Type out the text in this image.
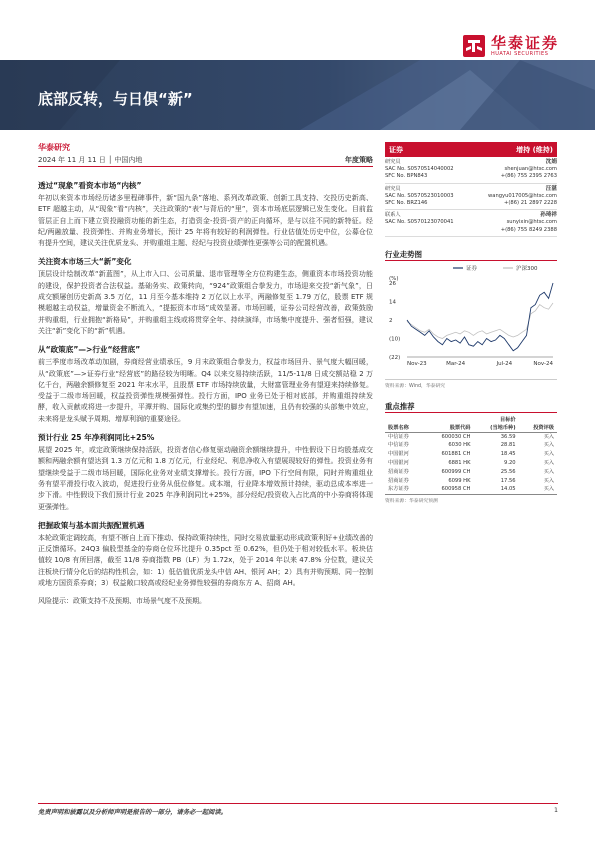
证券
华泰证券
HUATAI SECURITIES
底部反转，与日俱“新”
华泰研究
2024 年 11 月 11 日 │ 中国内地	年度策略
透过“现象”看资本市场“内核”
年初以来资本市场经历诸多里程碑事件，新“国九条”落地、系列改革政策、创新工具支持、交投历史新高、ETF 超越主动，从“现象”看“内核”，关注政策的“表”与背后的“里”，资本市场底层逻辑已发生变化。目前监管层正自上而下建立资投融资功能的新生态，打造资金-投资-资产的正向循环，是与以往不同的新特征。经纪/两融放量、投资弹性、并购业务增长，预计 25 年将有较好的利润弹性。行业估值处历史中位，公募仓位有提升空间，建议关注优质龙头、并购重组主题、经纪与投资业绩弹性更强等公司的配置机遇。
关注资本市场三大“新”变化
顶层设计绘制改革“新蓝图”，从上市入口、公司质量、退市管理等全方位构建生态，侧重资本市场投资功能的建设，保护投资者合法权益。基础务实、政策转向，“924”政策组合拳发力，市场迎来交投“新气象”，日成交额屡创历史新高 3.5 万亿，11 月至今基本维持 2 万亿以上水平，两融修复至 1.79 万亿，股票 ETF 规模超越主动权益，增量资金不断流入，“提振资本市场”成效显著。市场回暖，证券公司经营改善，政策鼓励并购重组，行业拥抱“新格局”，并购重组主线或将贯穿全年、持续演绎，市场集中度提升、强者恒强，建议关注“新”变化下的“新”机遇。
从“政策底”—>行业“经营底”
前三季度市场改革动加剧，券商经营业绩承压，9 月末政策组合拳发力，权益市场回升、景气度大幅回暖，从“政策底”—>证券行业“经营底”的路径较为明晰。Q4 以来交易持续活跃，11/5-11/8 日成交额站稳 2 万亿千台，两融余额修复至 2021 年末水平，且股票 ETF 市场持续放量，大财富管理业务有望迎来持续修复。受益于二级市场回暖，权益投资弹性规模强弹性。投行方面，IPO 业务已处于相对底部，并购重组持续发酵，收入贡献或将进一步提升，平潭并购、国际化或集约型的脚步有望加速，且仍有较强的头部集中效应，未来将是龙头赋予周期、增厚利润的重要途径。
预计行业 25 年净利润同比+25%
展望 2025 年，或定政策继续保持活跃，投资者信心修复驱动融资余额继续提升，中性假设下日均股基成交额和两融余额有望达到 1.3 万亿元和 1.8 万亿元，行业经纪、利息净收入有望展现较好的弹性。投资业务有望继续受益于二级市场回暖，国际化业务对业绩支撑增长。投行方面，IPO 下行空间有限，同时并购重组业务有望平滑投行收入波动，促进投行业务从低位修复。成本端，行业降本增效预计持续，驱动总成本率进一步下滑。中性假设下我们预计行业 2025 年净利润同比+25%，部分经纪/投资收入占比高的中小券商将体现更强弹性。
把握政策与基本面共振配置机遇
本轮政策定调较高，有望不断自上而下推动、保持政策持续性，同时交易放量驱动形成政策利好+业绩改善的正反馈循环。24Q3 偏股型基金的券商仓位环比提升 0.35pct 至 0.62%，但仍处于相对较低水平。板块估值较 10/8 有所回落，截至 11/8 券商指数 PB（LF）为 1.72x，处于 2014 年以来 47.8% 分位数，建议关注板块行情分化后的结构性机会，如：1）低估值优质龙头中信 AH、银河 AH；2）具有并购预期、同一控制或地方国资系券商；3）权益敞口较高或经纪业务弹性较强的券商东方 A、招商 AH。
风险提示：政策支持不及预期、市场景气度不及预期。
证券	增持 (维持)
研究员	沈娟
SAC No. S0570514040002	shenjuan@htsc.com
SFC No. BPN843	+(86) 755 2395 2763
研究员	汪湛
SAC No. S0570523010003	wangyu017005@htsc.com
SFC No. BRZ146	+(86) 21 2897 2228
联系人	孙琦祥
SAC No. S0570123070041	sunyixin@htsc.com
+(86) 755 8249 2388
行业走势图
(%)
26
14
2
(10)
(22)
Nov-23	Mar-24	Jul-24	Nov-24
证券	沪深300
资料来源：Wind，华泰研究
重点推荐
		目标价	
股票名称	股票代码	(当地币种)	投资评级
中信证券	600030 CH	36.59	买入
中信证券	6030 HK	28.81	买入
中国银河	601881 CH	18.45	买入
中国银河	6881 HK	9.20	买入
招商证券	600999 CH	25.56	买入
招商证券	6099 HK	17.56	买入
东方证券	600958 CH	14.05	买入
资料来源：华泰研究预测
免责声明和披露以及分析师声明是报告的一部分，请务必一起阅读。	1
